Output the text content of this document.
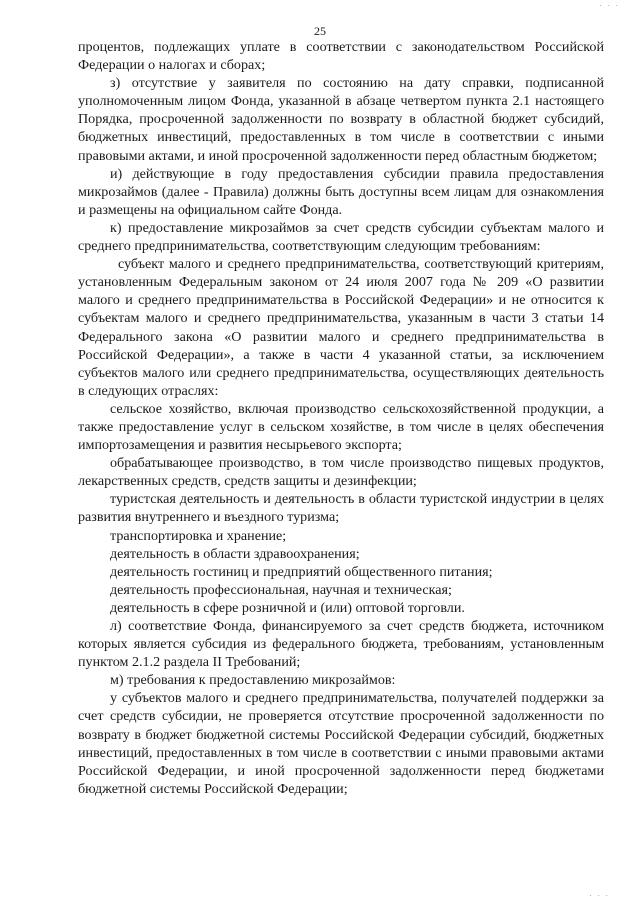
· · ·
25

процентов, подлежащих уплате в соответствии с законодательством Российской Федерации о налогах и сборах;

з) отсутствие у заявителя по состоянию на дату справки, подписанной уполномоченным лицом Фонда, указанной в абзаце четвертом пункта 2.1 настоящего Порядка, просроченной задолженности по возврату в областной бюджет субсидий, бюджетных инвестиций, предоставленных в том числе в соответствии с иными правовыми актами, и иной просроченной задолженности перед областным бюджетом;

и) действующие в году предоставления субсидии правила предоставления микрозаймов (далее - Правила) должны быть доступны всем лицам для ознакомления и размещены на официальном сайте Фонда.

к) предоставление микрозаймов за счет средств субсидии субъектам малого и среднего предпринимательства, соответствующим следующим требованиям:

субъект малого и среднего предпринимательства, соответствующий критериям, установленным Федеральным законом от 24 июля 2007 года № 209 «О развитии малого и среднего предпринимательства в Российской Федерации» и не относится к субъектам малого и среднего предпринимательства, указанным в части 3 статьи 14 Федерального закона «О развитии малого и среднего предпринимательства в Российской Федерации», а также в части 4 указанной статьи, за исключением субъектов малого или среднего предпринимательства, осуществляющих деятельность в следующих отраслях:

сельское хозяйство, включая производство сельскохозяйственной продукции, а также предоставление услуг в сельском хозяйстве, в том числе в целях обеспечения импортозамещения и развития несырьевого экспорта;

обрабатывающее производство, в том числе производство пищевых продуктов, лекарственных средств, средств защиты и дезинфекции;

туристская деятельность и деятельность в области туристской индустрии в целях развития внутреннего и въездного туризма;

транспортировка и хранение;

деятельность в области здравоохранения;

деятельность гостиниц и предприятий общественного питания;

деятельность профессиональная, научная и техническая;

деятельность в сфере розничной и (или) оптовой торговли.

л) соответствие Фонда, финансируемого за счет средств бюджета, источником которых является субсидия из федерального бюджета, требованиям, установленным пунктом 2.1.2 раздела II Требований;

м) требования к предоставлению микрозаймов:

у субъектов малого и среднего предпринимательства, получателей поддержки за счет средств субсидии, не проверяется отсутствие просроченной задолженности по возврату в бюджет бюджетной системы Российской Федерации субсидий, бюджетных инвестиций, предоставленных в том числе в соответствии с иными правовыми актами Российской Федерации, и иной просроченной задолженности перед бюджетами бюджетной системы Российской Федерации;

· · ·
